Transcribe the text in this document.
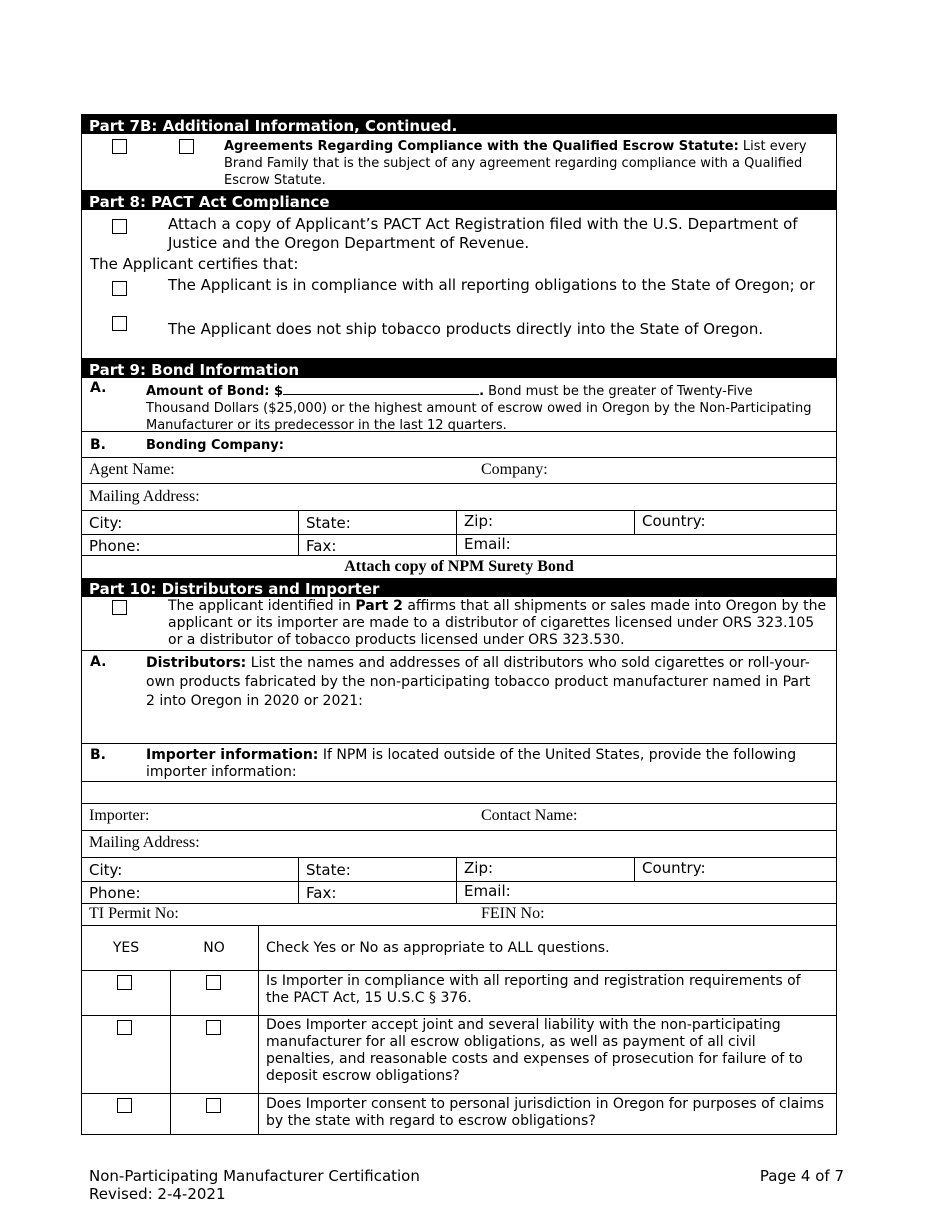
Part 7B: Additional Information, Continued.
Agreements Regarding Compliance with the Qualified Escrow Statute: List every Brand Family that is the subject of any agreement regarding compliance with a Qualified Escrow Statute.
Part 8: PACT Act Compliance
Attach a copy of Applicant’s PACT Act Registration filed with the U.S. Department of Justice and the Oregon Department of Revenue.
The Applicant certifies that:
The Applicant is in compliance with all reporting obligations to the State of Oregon; or
The Applicant does not ship tobacco products directly into the State of Oregon.
Part 9: Bond Information
A.	Amount of Bond: $	. Bond must be the greater of Twenty-Five
Thousand Dollars ($25,000) or the highest amount of escrow owed in Oregon by the Non-Participating Manufacturer or its predecessor in the last 12 quarters.
B.	Bonding Company:
Agent Name:	Company:
Mailing Address:
City:	State:	Zip:	Country:
Phone:	Fax:	Email:
Attach copy of NPM Surety Bond
Part 10: Distributors and Importer
The applicant identified in Part 2 affirms that all shipments or sales made into Oregon by the applicant or its importer are made to a distributor of cigarettes licensed under ORS 323.105 or a distributor of tobacco products licensed under ORS 323.530.
A.	Distributors: List the names and addresses of all distributors who sold cigarettes or roll-your-own products fabricated by the non-participating tobacco product manufacturer named in Part 2 into Oregon in 2020 or 2021:
B.	Importer information: If NPM is located outside of the United States, provide the following importer information:
Importer:	Contact Name:
Mailing Address:
City:	State:	Zip:	Country:
Phone:	Fax:	Email:
TI Permit No:	FEIN No:
YES	NO	Check Yes or No as appropriate to ALL questions.
Is Importer in compliance with all reporting and registration requirements of the PACT Act, 15 U.S.C § 376.
Does Importer accept joint and several liability with the non-participating manufacturer for all escrow obligations, as well as payment of all civil penalties, and reasonable costs and expenses of prosecution for failure of to deposit escrow obligations?
Does Importer consent to personal jurisdiction in Oregon for purposes of claims by the state with regard to escrow obligations?
Non-Participating Manufacturer Certification
Revised: 2-4-2021
Page 4 of 7
